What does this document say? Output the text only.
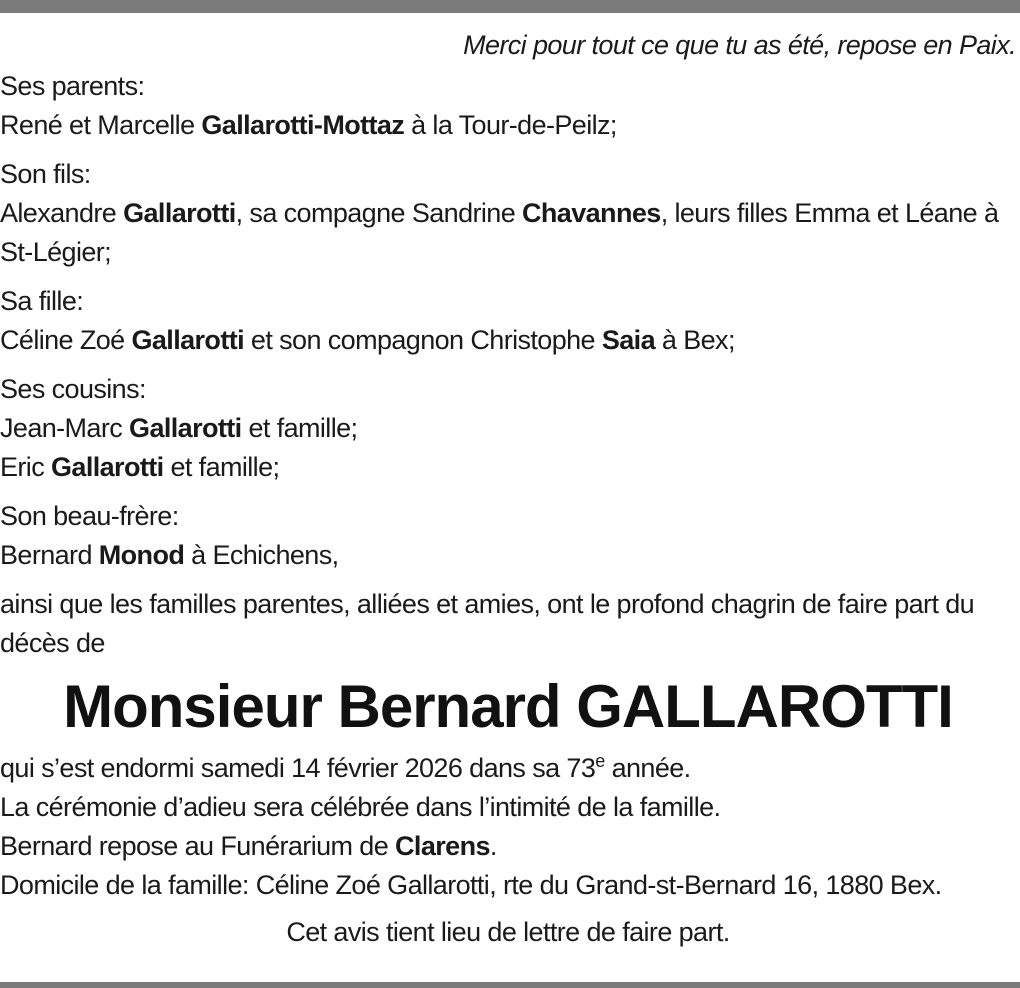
Merci pour tout ce que tu as été, repose en Paix.

Ses parents:

René et Marcelle Gallarotti-Mottaz à la Tour-de-Peilz;

Son fils:

Alexandre Gallarotti, sa compagne Sandrine Chavannes, leurs filles Emma et Léane à St-Légier;

Sa fille:

Céline Zoé Gallarotti et son compagnon Christophe Saia à Bex;

Ses cousins:

Jean-Marc Gallarotti et famille;

Eric Gallarotti et famille;

Son beau-frère:

Bernard Monod à Echichens,

ainsi que les familles parentes, alliées et amies, ont le profond chagrin de faire part du décès de

Monsieur Bernard GALLAROTTI

qui s’est endormi samedi 14 février 2026 dans sa 73e année.

La cérémonie d’adieu sera célébrée dans l’intimité de la famille.

Bernard repose au Funérarium de Clarens.

Domicile de la famille: Céline Zoé Gallarotti, rte du Grand-st-Bernard 16, 1880 Bex.

Cet avis tient lieu de lettre de faire part.
